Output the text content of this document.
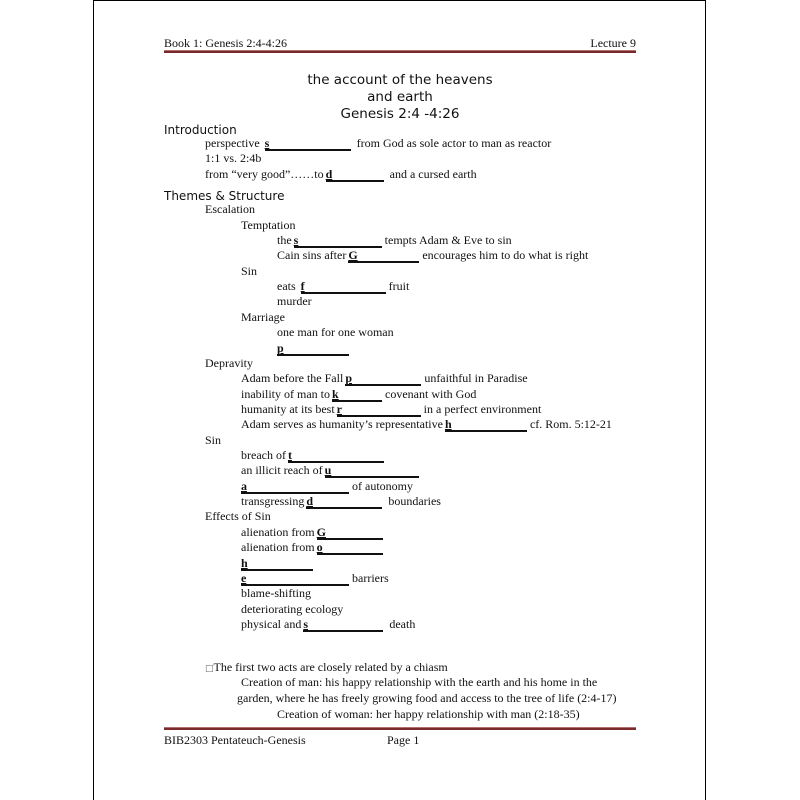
Book 1: Genesis 2:4-4:26	Lecture 9
the account of the heavens
and earth
Genesis 2:4 -4:26
Introduction
perspective s	from God as sole actor to man as reactor
1:1 vs. 2:4b
from “very good”……to d	and a cursed earth
Themes & Structure
Escalation
Temptation
the s	tempts Adam & Eve to sin
Cain sins after G	encourages him to do what is right
Sin
eats f	fruit
murder
Marriage
one man for one woman
p
Depravity
Adam before the Fall p	unfaithful in Paradise
inability of man to k	covenant with God
humanity at its best r	in a perfect environment
Adam serves as humanity’s representative h	cf. Rom. 5:12-21
Sin
breach of t
an illicit reach of u
a	of autonomy
transgressing d	boundaries
Effects of Sin
alienation from G
alienation from o
h
e	barriers
blame-shifting
deteriorating ecology
physical and s	death
□The first two acts are closely related by a chiasm
Creation of man: his happy relationship with the earth and his home in the
garden, where he has freely growing food and access to the tree of life (2:4-17)
Creation of woman: her happy relationship with man (2:18-35)
BIB2303 Pentateuch-Genesis	Page 1
